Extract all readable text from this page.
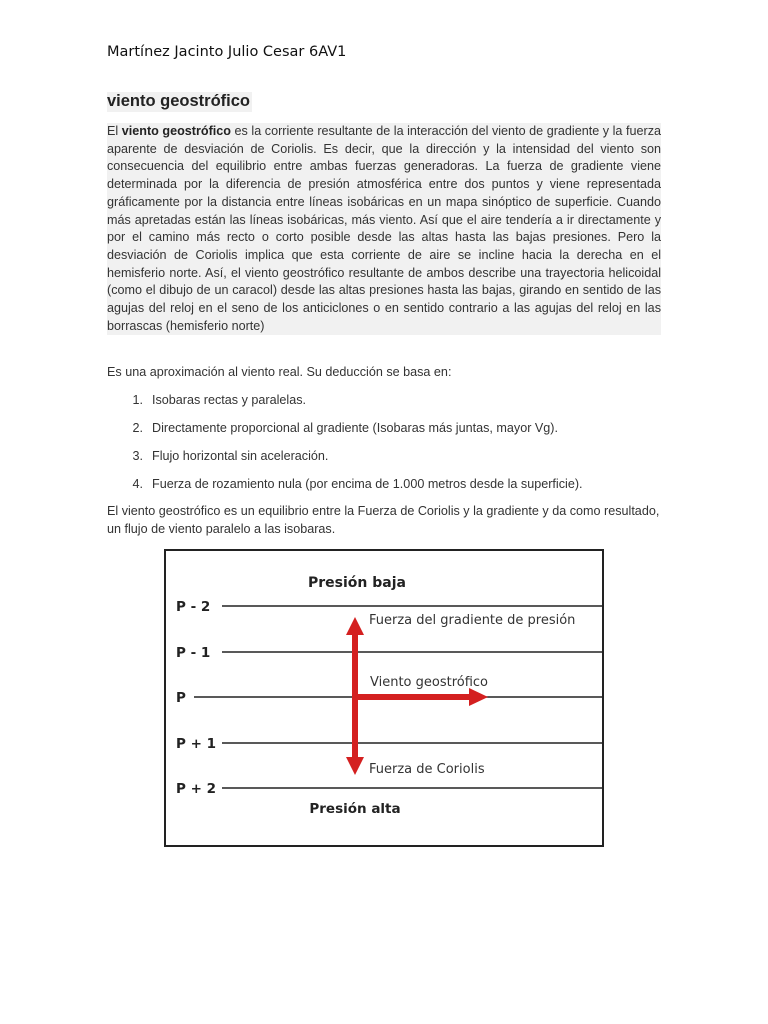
Martínez Jacinto Julio Cesar 6AV1
viento geostrófico
El viento geostrófico es la corriente resultante de la interacción del viento de gradiente y la fuerza aparente de desviación de Coriolis. Es decir, que la dirección y la intensidad del viento son consecuencia del equilibrio entre ambas fuerzas generadoras. La fuerza de gradiente viene determinada por la diferencia de presión atmosférica entre dos puntos y viene representada gráficamente por la distancia entre líneas isobáricas en un mapa sinóptico de superficie. Cuando más apretadas están las líneas isobáricas, más viento. Así que el aire tendería a ir directamente y por el camino más recto o corto posible desde las altas hasta las bajas presiones. Pero la desviación de Coriolis implica que esta corriente de aire se incline hacia la derecha en el hemisferio norte. Así, el viento geostrófico resultante de ambos describe una trayectoria helicoidal (como el dibujo de un caracol) desde las altas presiones hasta las bajas, girando en sentido de las agujas del reloj en el seno de los anticiclones o en sentido contrario a las agujas del reloj en las borrascas (hemisferio norte)
Es una aproximación al viento real. Su deducción se basa en:
1. Isobaras rectas y paralelas.
2. Directamente proporcional al gradiente (Isobaras más juntas, mayor Vg).
3. Flujo horizontal sin aceleración.
4. Fuerza de rozamiento nula (por encima de 1.000 metros desde la superficie).
El viento geostrófico es un equilibrio entre la Fuerza de Coriolis y la gradiente y da como resultado, un flujo de viento paralelo a las isobaras.
Presión baja
P - 2
P - 1
P
P + 1
P + 2
Fuerza del gradiente de presión
Viento geostrófico
Fuerza de Coriolis
Presión alta
